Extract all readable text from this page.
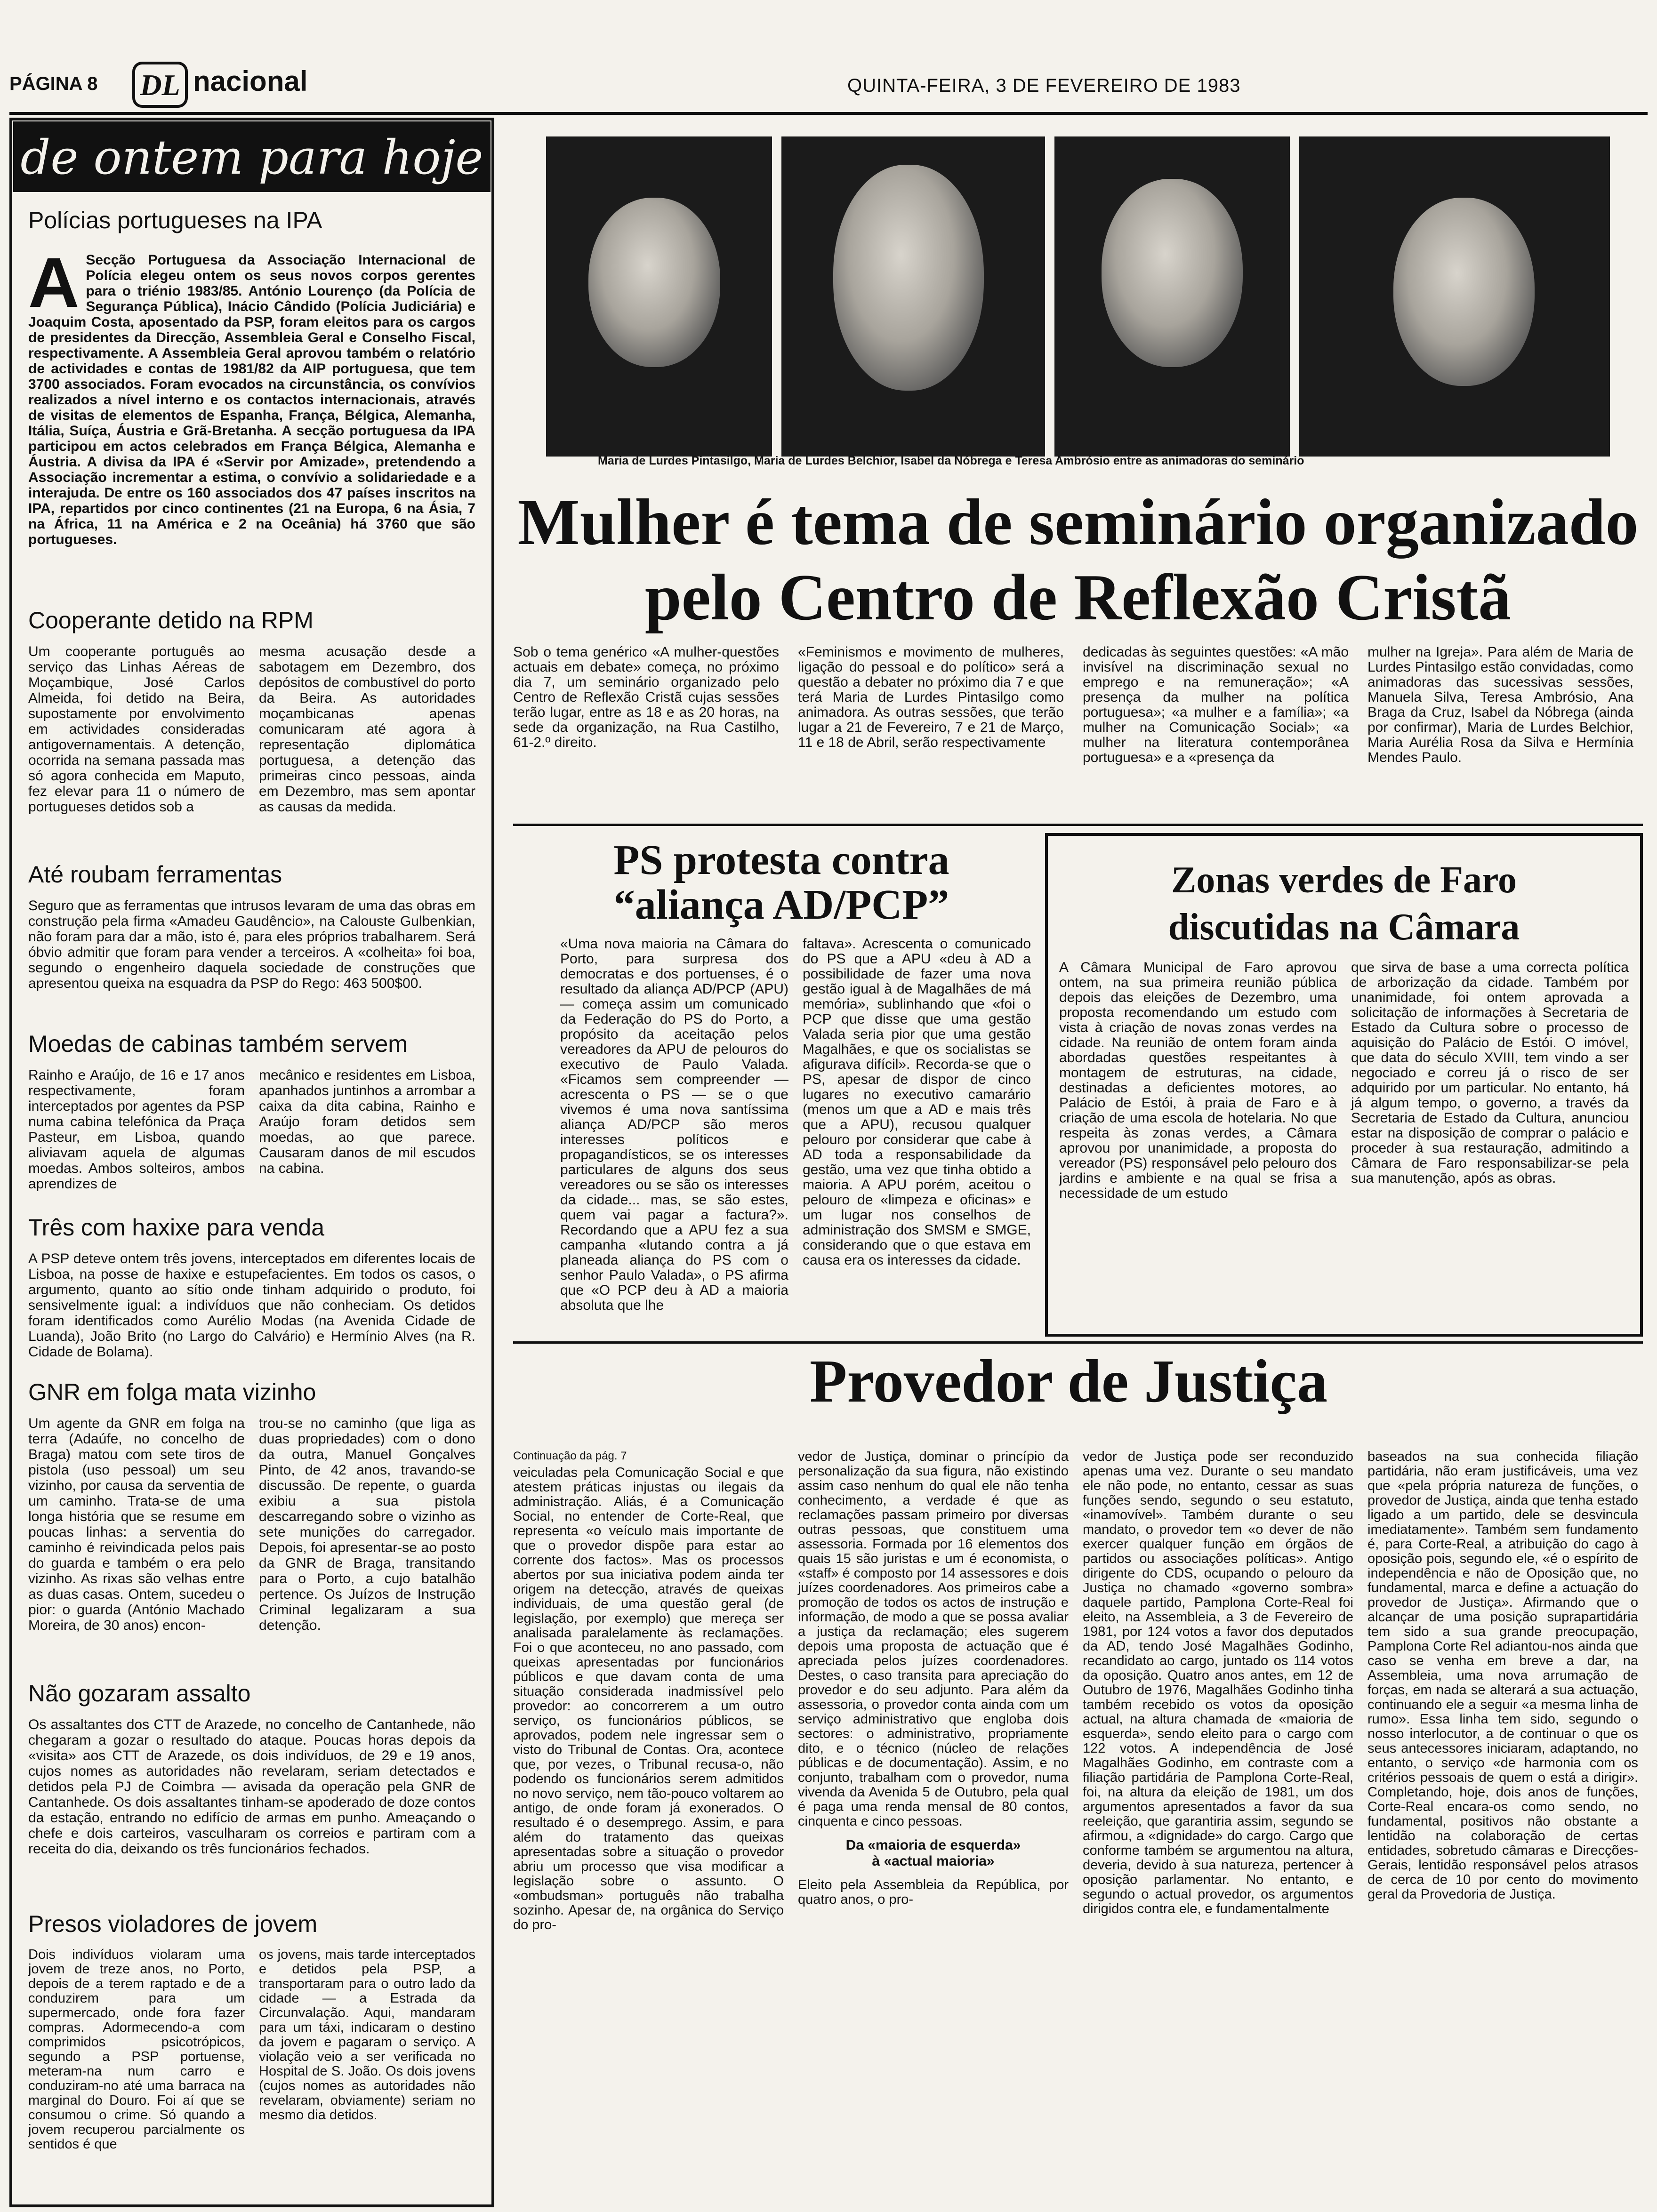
PÁGINA 8 DL nacional	QUINTA-FEIRA, 3 DE FEVEREIRO DE 1983
de ontem para hoje

Polícias portugueses na IPA

A Secção Portuguesa da Associação Internacional de Polícia elegeu ontem os seus novos corpos gerentes para o triénio 1983/85. António Lourenço (da Polícia de Segurança Pública), Inácio Cândido (Polícia Judiciária) e Joaquim Costa, aposentado da PSP, foram eleitos para os cargos de presidentes da Direcção, Assembleia Geral e Conselho Fiscal, respectivamente. A Assembleia Geral aprovou também o relatório de actividades e contas de 1981/82 da AIP portuguesa, que tem 3700 associados. Foram evocados na circunstância, os convívios realizados a nível interno e os contactos internacionais, através de visitas de elementos de Espanha, França, Bélgica, Alemanha, Itália, Suíça, Áustria e Grã-Bretanha. A secção portuguesa da IPA participou em actos celebrados em França Bélgica, Alemanha e Áustria. A divisa da IPA é «Servir por Amizade», pretendendo a Associação incrementar a estima, o convívio a solidariedade e a interajuda. De entre os 160 associados dos 47 países inscritos na IPA, repartidos por cinco continentes (21 na Europa, 6 na Ásia, 7 na África, 11 na América e 2 na Oceânia) há 3760 que são portugueses.

Cooperante detido na RPM

Um cooperante português ao serviço das Linhas Aéreas de Moçambique, José Carlos Almeida, foi detido na Beira, supostamente por envolvimento em actividades consideradas antigovernamentais. A detenção, ocorrida na semana passada mas só agora conhecida em Maputo, fez elevar para 11 o número de portugueses detidos sob a

mesma acusação desde a sabotagem em Dezembro, dos depósitos de combustível do porto da Beira. As autoridades moçambicanas apenas comunicaram até agora à representação diplomática portuguesa, a detenção das primeiras cinco pessoas, ainda em Dezembro, mas sem apontar as causas da medida.

Até roubam ferramentas

Seguro que as ferramentas que intrusos levaram de uma das obras em construção pela firma «Amadeu Gaudêncio», na Calouste Gulbenkian, não foram para dar a mão, isto é, para eles próprios trabalharem. Será óbvio admitir que foram para vender a terceiros. A «colheita» foi boa, segundo o engenheiro daquela sociedade de construções que apresentou queixa na esquadra da PSP do Rego: 463 500$00.

Moedas de cabinas também servem

Rainho e Araújo, de 16 e 17 anos respectivamente, foram interceptados por agentes da PSP numa cabina telefónica da Praça Pasteur, em Lisboa, quando aliviavam aquela de algumas moedas. Ambos solteiros, ambos aprendizes de

mecânico e residentes em Lisboa, apanhados juntinhos a arrombar a caixa da dita cabina, Rainho e Araújo foram detidos sem moedas, ao que parece. Causaram danos de mil escudos na cabina.

Três com haxixe para venda

A PSP deteve ontem três jovens, interceptados em diferentes locais de Lisboa, na posse de haxixe e estupefacientes. Em todos os casos, o argumento, quanto ao sítio onde tinham adquirido o produto, foi sensivelmente igual: a indivíduos que não conheciam. Os detidos foram identificados como Aurélio Modas (na Avenida Cidade de Luanda), João Brito (no Largo do Calvário) e Hermínio Alves (na R. Cidade de Bolama).

GNR em folga mata vizinho

Um agente da GNR em folga na terra (Adaúfe, no concelho de Braga) matou com sete tiros de pistola (uso pessoal) um seu vizinho, por causa da serventia de um caminho. Trata-se de uma longa história que se resume em poucas linhas: a serventia do caminho é reivindicada pelos pais do guarda e também o era pelo vizinho. As rixas são velhas entre as duas casas. Ontem, sucedeu o pior: o guarda (António Machado Moreira, de 30 anos) encon-

trou-se no caminho (que liga as duas propriedades) com o dono da outra, Manuel Gonçalves Pinto, de 42 anos, travando-se discussão. De repente, o guarda exibiu a sua pistola descarregando sobre o vizinho as sete munições do carregador. Depois, foi apresentar-se ao posto da GNR de Braga, transitando para o Porto, a cujo batalhão pertence. Os Juízos de Instrução Criminal legalizaram a sua detenção.

Não gozaram assalto

Os assaltantes dos CTT de Arazede, no concelho de Cantanhede, não chegaram a gozar o resultado do ataque. Poucas horas depois da «visita» aos CTT de Arazede, os dois indivíduos, de 29 e 19 anos, cujos nomes as autoridades não revelaram, seriam detectados e detidos pela PJ de Coimbra — avisada da operação pela GNR de Cantanhede. Os dois assaltantes tinham-se apoderado de doze contos da estação, entrando no edifício de armas em punho. Ameaçando o chefe e dois carteiros, vasculharam os correios e partiram com a receita do dia, deixando os três funcionários fechados.

Presos violadores de jovem

Dois indivíduos violaram uma jovem de treze anos, no Porto, depois de a terem raptado e de a conduzirem para um supermercado, onde fora fazer compras. Adormecendo-a com comprimidos psicotrópicos, segundo a PSP portuense, meteram-na num carro e conduziram-no até uma barraca na marginal do Douro. Foi aí que se consumou o crime. Só quando a jovem recuperou parcialmente os sentidos é que

os jovens, mais tarde interceptados e detidos pela PSP, a transportaram para o outro lado da cidade — a Estrada da Circunvalação. Aqui, mandaram para um táxi, indicaram o destino da jovem e pagaram o serviço. A violação veio a ser verificada no Hospital de S. João. Os dois jovens (cujos nomes as autoridades não revelaram, obviamente) seriam no mesmo dia detidos.

Maria de Lurdes Pintasilgo, Maria de Lurdes Belchior, Isabel da Nóbrega e Teresa Ambrósio entre as animadoras do seminário
Mulher é tema de seminário organizado
pelo Centro de Reflexão Cristã

Sob o tema genérico «A mulher-questões actuais em debate» começa, no próximo dia 7, um seminário organizado pelo Centro de Reflexão Cristã cujas sessões terão lugar, entre as 18 e as 20 horas, na sede da organização, na Rua Castilho, 61-2.º direito.

«Feminismos e movimento de mulheres, ligação do pessoal e do político» será a questão a debater no próximo dia 7 e que terá Maria de Lurdes Pintasilgo como animadora. As outras sessões, que terão lugar a 21 de Fevereiro, 7 e 21 de Março, 11 e 18 de Abril, serão respectivamente

dedicadas às seguintes questões: «A mão invisível na discriminação sexual no emprego e na remuneração»; «A presença da mulher na política portuguesa»; «a mulher e a família»; «a mulher na Comunicação Social»; «a mulher na literatura contemporânea portuguesa» e a «presença da

mulher na Igreja». Para além de Maria de Lurdes Pintasilgo estão convidadas, como animadoras das sucessivas sessões, Manuela Silva, Teresa Ambrósio, Ana Braga da Cruz, Isabel da Nóbrega (ainda por confirmar), Maria de Lurdes Belchior, Maria Aurélia Rosa da Silva e Hermínia Mendes Paulo.

PS protesta contra
“aliança AD/PCP”

«Uma nova maioria na Câmara do Porto, para surpresa dos democratas e dos portuenses, é o resultado da aliança AD/PCP (APU) — começa assim um comunicado da Federação do PS do Porto, a propósito da aceitação pelos vereadores da APU de pelouros do executivo de Paulo Valada. «Ficamos sem compreender — acrescenta o PS — se o que vivemos é uma nova santíssima aliança AD/PCP são meros interesses políticos e propagandísticos, se os interesses particulares de alguns dos seus vereadores ou se são os interesses da cidade... mas, se são estes, quem vai pagar a factura?». Recordando que a APU fez a sua campanha «lutando contra a já planeada aliança do PS com o senhor Paulo Valada», o PS afirma que «O PCP deu à AD a maioria absoluta que lhe

faltava». Acrescenta o comunicado do PS que a APU «deu à AD a possibilidade de fazer uma nova gestão igual à de Magalhães de má memória», sublinhando que «foi o PCP que disse que uma gestão Valada seria pior que uma gestão Magalhães, e que os socialistas se afigurava difícil». Recorda-se que o PS, apesar de dispor de cinco lugares no executivo camarário (menos um que a AD e mais três que a APU), recusou qualquer pelouro por considerar que cabe à AD toda a responsabilidade da gestão, uma vez que tinha obtido a maioria. A APU porém, aceitou o pelouro de «limpeza e oficinas» e um lugar nos conselhos de administração dos SMSM e SMGE, considerando que o que estava em causa era os interesses da cidade.

Zonas verdes de Faro
discutidas na Câmara

A Câmara Municipal de Faro aprovou ontem, na sua primeira reunião pública depois das eleições de Dezembro, uma proposta recomendando um estudo com vista à criação de novas zonas verdes na cidade. Na reunião de ontem foram ainda abordadas questões respeitantes à montagem de estruturas, na cidade, destinadas a deficientes motores, ao Palácio de Estói, à praia de Faro e à criação de uma escola de hotelaria. No que respeita às zonas verdes, a Câmara aprovou por unanimidade, a proposta do vereador (PS) responsável pelo pelouro dos jardins e ambiente e na qual se frisa a necessidade de um estudo

que sirva de base a uma correcta política de arborização da cidade. Também por unanimidade, foi ontem aprovada a solicitação de informações à Secretaria de Estado da Cultura sobre o processo de aquisição do Palácio de Estói. O imóvel, que data do século XVIII, tem vindo a ser negociado e correu já o risco de ser adquirido por um particular. No entanto, há já algum tempo, o governo, a través da Secretaria de Estado da Cultura, anunciou estar na disposição de comprar o palácio e proceder à sua restauração, admitindo a Câmara de Faro responsabilizar-se pela sua manutenção, após as obras.

Provedor de Justiça
Continuação da pág. 7

veiculadas pela Comunicação Social e que atestem práticas injustas ou ilegais da administração. Aliás, é a Comunicação Social, no entender de Corte-Real, que representa «o veículo mais importante de que o provedor dispõe para estar ao corrente dos factos». Mas os processos abertos por sua iniciativa podem ainda ter origem na detecção, através de queixas individuais, de uma questão geral (de legislação, por exemplo) que mereça ser analisada paralelamente às reclamações. Foi o que aconteceu, no ano passado, com queixas apresentadas por funcionários públicos e que davam conta de uma situação considerada inadmissível pelo provedor: ao concorrerem a um outro serviço, os funcionários públicos, se aprovados, podem nele ingressar sem o visto do Tribunal de Contas. Ora, acontece que, por vezes, o Tribunal recusa-o, não podendo os funcionários serem admitidos no novo serviço, nem tão-pouco voltarem ao antigo, de onde foram já exonerados. O resultado é o desemprego. Assim, e para além do tratamento das queixas apresentadas sobre a situação o provedor abriu um processo que visa modificar a legislação sobre o assunto. O «ombudsman» português não trabalha sozinho. Apesar de, na orgânica do Serviço do pro-

vedor de Justiça, dominar o princípio da personalização da sua figura, não existindo assim caso nenhum do qual ele não tenha conhecimento, a verdade é que as reclamações passam primeiro por diversas outras pessoas, que constituem uma assessoria. Formada por 16 elementos dos quais 15 são juristas e um é economista, o «staff» é composto por 14 assessores e dois juízes coordenadores. Aos primeiros cabe a promoção de todos os actos de instrução e informação, de modo a que se possa avaliar a justiça da reclamação; eles sugerem depois uma proposta de actuação que é apreciada pelos juízes coordenadores. Destes, o caso transita para apreciação do provedor e do seu adjunto. Para além da assessoria, o provedor conta ainda com um serviço administrativo que engloba dois sectores: o administrativo, propriamente dito, e o técnico (núcleo de relações públicas e de documentação). Assim, e no conjunto, trabalham com o provedor, numa vivenda da Avenida 5 de Outubro, pela qual é paga uma renda mensal de 80 contos, cinquenta e cinco pessoas.

Da «maioria de esquerda»
à «actual maioria»

Eleito pela Assembleia da República, por quatro anos, o pro-

vedor de Justiça pode ser reconduzido apenas uma vez. Durante o seu mandato ele não pode, no entanto, cessar as suas funções sendo, segundo o seu estatuto, «inamovível». Também durante o seu mandato, o provedor tem «o dever de não exercer qualquer função em órgãos de partidos ou associações políticas». Antigo dirigente do CDS, ocupando o pelouro da Justiça no chamado «governo sombra» daquele partido, Pamplona Corte-Real foi eleito, na Assembleia, a 3 de Fevereiro de 1981, por 124 votos a favor dos deputados da AD, tendo José Magalhães Godinho, recandidato ao cargo, juntado os 114 votos da oposição. Quatro anos antes, em 12 de Outubro de 1976, Magalhães Godinho tinha também recebido os votos da oposição actual, na altura chamada de «maioria de esquerda», sendo eleito para o cargo com 122 votos. A independência de José Magalhães Godinho, em contraste com a filiação partidária de Pamplona Corte-Real, foi, na altura da eleição de 1981, um dos argumentos apresentados a favor da sua reeleição, que garantiria assim, segundo se afirmou, a «dignidade» do cargo. Cargo que conforme também se argumentou na altura, deveria, devido à sua natureza, pertencer à oposição parlamentar. No entanto, e segundo o actual provedor, os argumentos dirigidos contra ele, e fundamentalmente

baseados na sua conhecida filiação partidária, não eram justificáveis, uma vez que «pela própria natureza de funções, o provedor de Justiça, ainda que tenha estado ligado a um partido, dele se desvincula imediatamente». Também sem fundamento é, para Corte-Real, a atribuição do cago à oposição pois, segundo ele, «é o espírito de independência e não de Oposição que, no fundamental, marca e define a actuação do provedor de Justiça». Afirmando que o alcançar de uma posição suprapartidária tem sido a sua grande preocupação, Pamplona Corte Rel adiantou-nos ainda que caso se venha em breve a dar, na Assembleia, uma nova arrumação de forças, em nada se alterará a sua actuação, continuando ele a seguir «a mesma linha de rumo». Essa linha tem sido, segundo o nosso interlocutor, a de continuar o que os seus antecessores iniciaram, adaptando, no entanto, o serviço «de harmonia com os critérios pessoais de quem o está a dirigir». Completando, hoje, dois anos de funções, Corte-Real encara-os como sendo, no fundamental, positivos não obstante a lentidão na colaboração de certas entidades, sobretudo câmaras e Direcções-Gerais, lentidão responsável pelos atrasos de cerca de 10 por cento do movimento geral da Provedoria de Justiça.
